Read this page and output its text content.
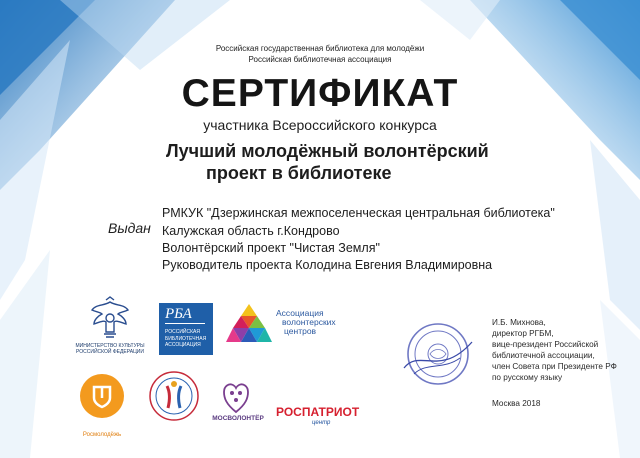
Российская государственная библиотека для молодёжи
Российская библиотечная ассоциация
СЕРТИФИКАТ
участника Всероссийского конкурса
Лучший молодёжный волонтёрский
проект в библиотеке
Выдан
РМКУК "Дзержинская межпоселенческая центральная библиотека"
Калужская область г.Кондрово
Волонтёрский проект "Чистая Земля"
Руководитель проекта Колодина Евгения Владимировна
МИНИСТЕРСТВО КУЛЬТУРЫ
РОССИЙСКОЙ ФЕДЕРАЦИИ
РБА
РОССИЙСКАЯ
БИБЛИОТЕЧНАЯ
АССОЦИАЦИЯ
Ассоциация
волонтерских
центров
Росмолодёжь
МОСВОЛОНТЁР	РОСПАТРИОТ
центр
И.Б. Михнова,
директор РГБМ,
вице-президент Российской
библиотечной ассоциации,
член Совета при Президенте РФ
по русскому языку
Москва 2018
